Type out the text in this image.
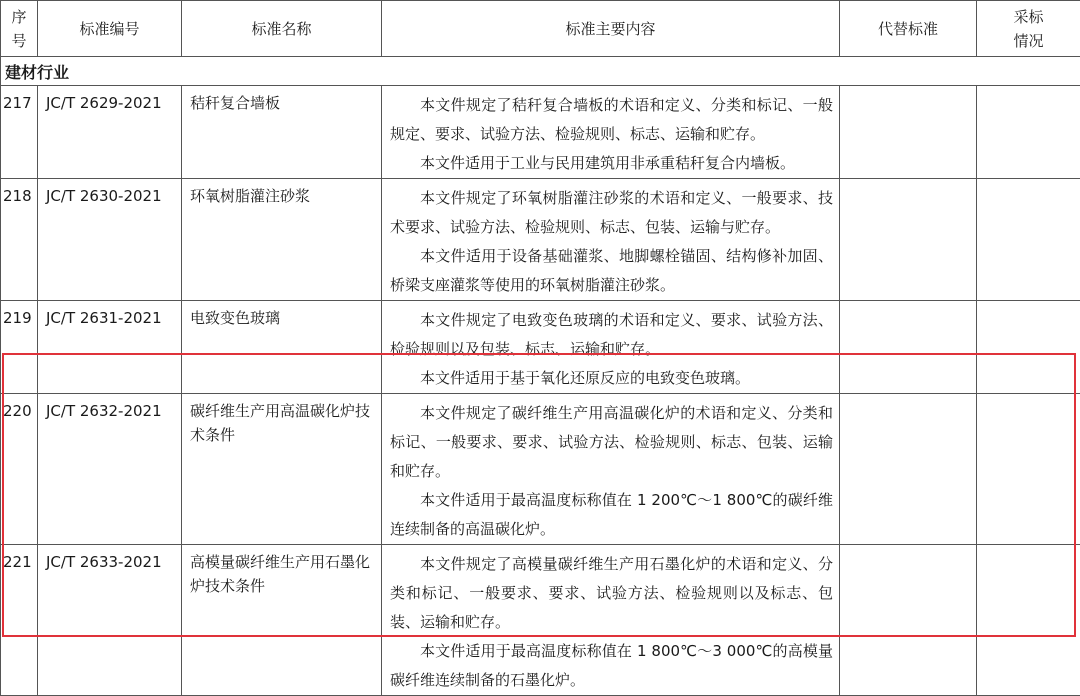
序
号	标准编号	标准名称	标准主要内容	代替标准	采标
情况
建材行业					
217	JC/T 2629-2021	秸秆复合墙板	本文件规定了秸秆复合墙板的术语和定义、分类和标记、一般规定、要求、试验方法、检验规则、标志、运输和贮存。

本文件适用于工业与民用建筑用非承重秸秆复合内墙板。		

218	JC/T 2630-2021	环氧树脂灌注砂浆	本文件规定了环氧树脂灌注砂浆的术语和定义、一般要求、技术要求、试验方法、检验规则、标志、包装、运输与贮存。

本文件适用于设备基础灌浆、地脚螺栓锚固、结构修补加固、桥梁支座灌浆等使用的环氧树脂灌注砂浆。		

219	JC/T 2631-2021	电致变色玻璃	本文件规定了电致变色玻璃的术语和定义、要求、试验方法、检验规则以及包装、标志、运输和贮存。

本文件适用于基于氧化还原反应的电致变色玻璃。		

220	JC/T 2632-2021	碳纤维生产用高温碳化炉技术条件	本文件规定了碳纤维生产用高温碳化炉的术语和定义、分类和标记、一般要求、要求、试验方法、检验规则、标志、包装、运输和贮存。

本文件适用于最高温度标称值在 1 200℃～1 800℃的碳纤维连续制备的高温碳化炉。		

221	JC/T 2633-2021	高模量碳纤维生产用石墨化炉技术条件	本文件规定了高模量碳纤维生产用石墨化炉的术语和定义、分类和标记、一般要求、要求、试验方法、检验规则以及标志、包装、运输和贮存。

本文件适用于最高温度标称值在 1 800℃～3 000℃的高模量碳纤维连续制备的石墨化炉。		
